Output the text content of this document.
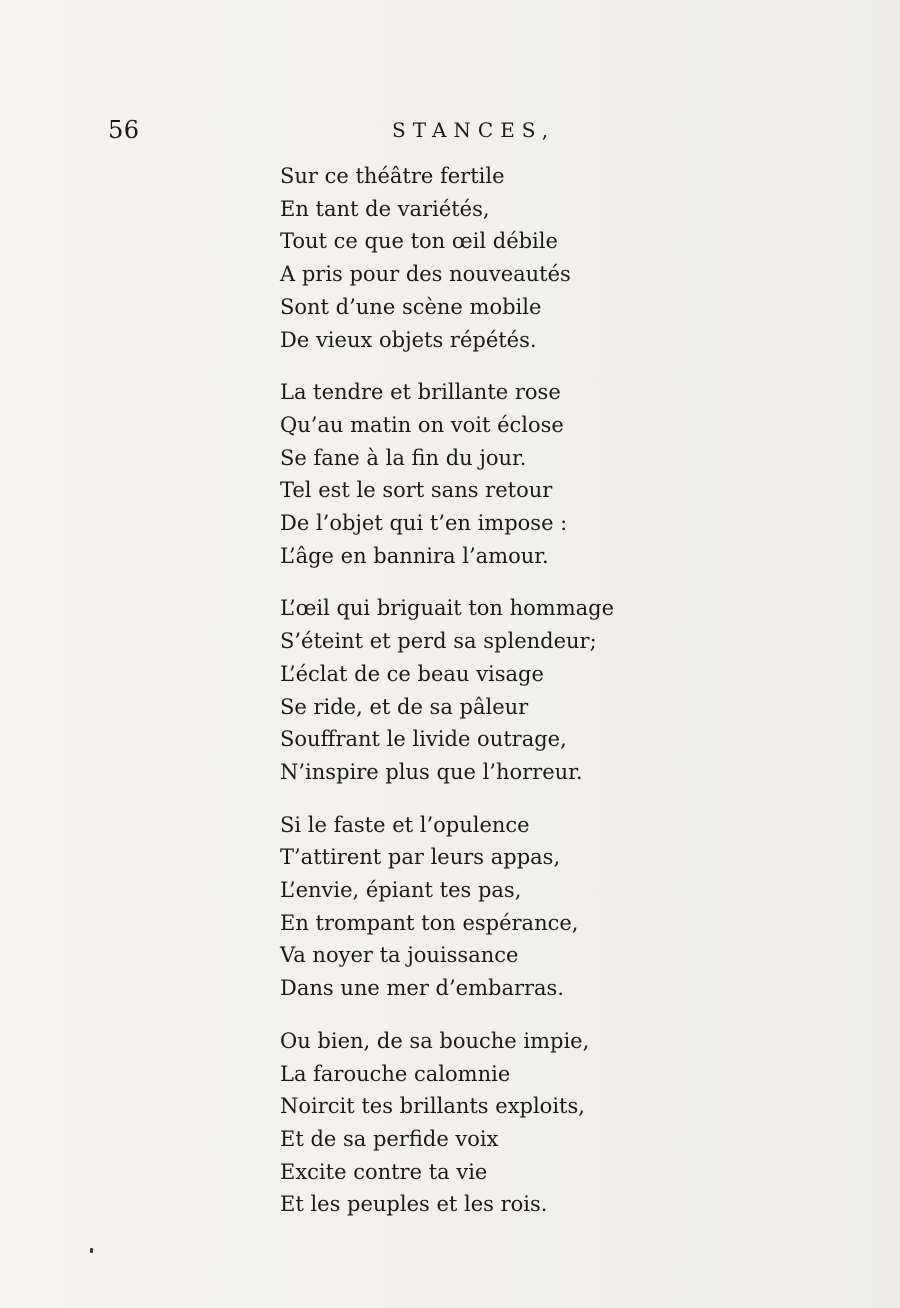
56	STANCES,
Sur ce théâtre fertile
En tant de variétés,
Tout ce que ton œil débile
A pris pour des nouveautés
Sont d’une scène mobile
De vieux objets répétés.
La tendre et brillante rose
Qu’au matin on voit éclose
Se fane à la fin du jour.
Tel est le sort sans retour
De l’objet qui t’en impose :
L’âge en bannira l’amour.
L’œil qui briguait ton hommage
S’éteint et perd sa splendeur;
L’éclat de ce beau visage
Se ride, et de sa pâleur
Souffrant le livide outrage,
N’inspire plus que l’horreur.
Si le faste et l’opulence
T’attirent par leurs appas,
L’envie, épiant tes pas,
En trompant ton espérance,
Va noyer ta jouissance
Dans une mer d’embarras.
Ou bien, de sa bouche impie,
La farouche calomnie
Noircit tes brillants exploits,
Et de sa perfide voix
Excite contre ta vie
Et les peuples et les rois.
